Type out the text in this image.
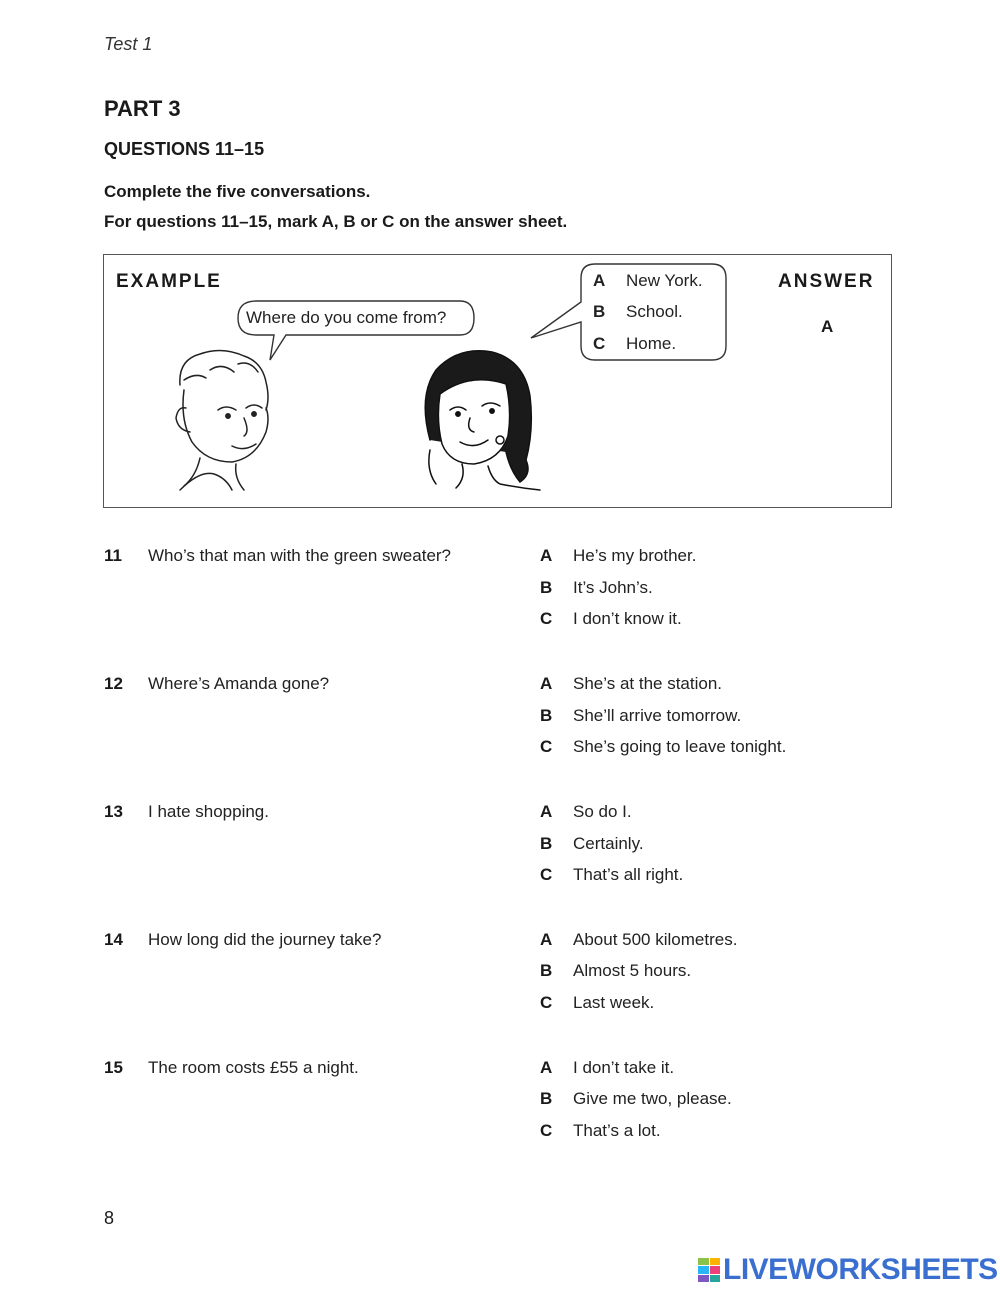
Test 1
PART 3
QUESTIONS 11–15
Complete the five conversations.
For questions 11–15, mark A, B or C on the answer sheet.
EXAMPLE	ANSWER
A
Where do you come from?
A New York.
B School.
C Home.
11 Who’s that man with the green sweater?	A He’s my brother.
B It’s John’s.
C I don’t know it.
12 Where’s Amanda gone?	A She’s at the station.
B She’ll arrive tomorrow.
C She’s going to leave tonight.
13 I hate shopping.	A So do I.
B Certainly.
C That’s all right.
14 How long did the journey take?	A About 500 kilometres.
B Almost 5 hours.
C Last week.
15 The room costs £55 a night.	A I don’t take it.
B Give me two, please.
C That’s a lot.
8
LIVEWORKSHEETS
